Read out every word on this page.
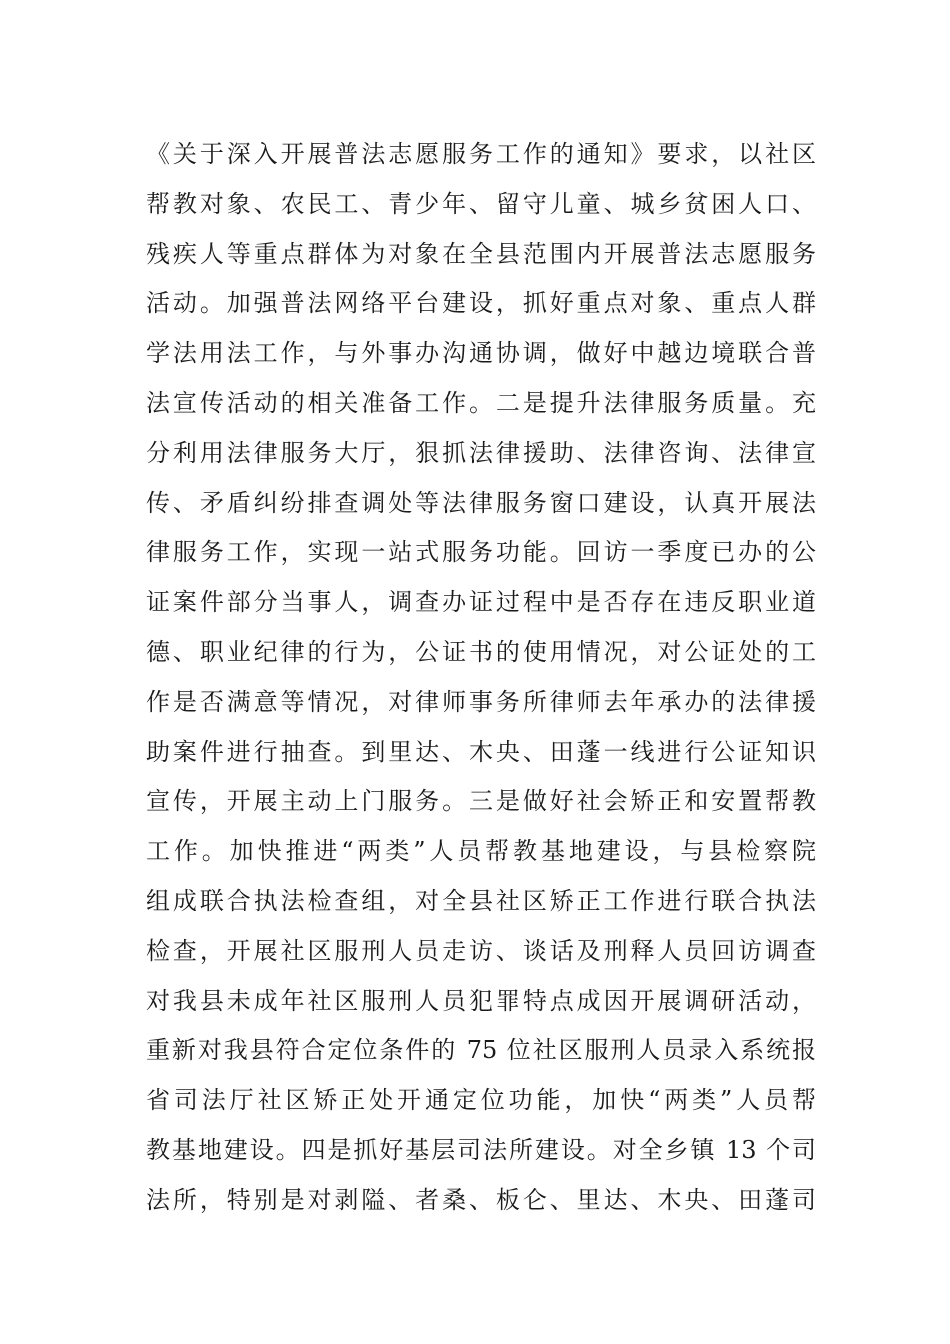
《关于深入开展普法志愿服务工作的通知》要求，以社区
帮教对象、农民工、青少年、留守儿童、城乡贫困人口、
残疾人等重点群体为对象在全县范围内开展普法志愿服务
活动。加强普法网络平台建设，抓好重点对象、重点人群
学法用法工作，与外事办沟通协调，做好中越边境联合普
法宣传活动的相关准备工作。二是提升法律服务质量。充
分利用法律服务大厅，狠抓法律援助、法律咨询、法律宣
传、矛盾纠纷排查调处等法律服务窗口建设，认真开展法
律服务工作，实现一站式服务功能。回访一季度已办的公
证案件部分当事人，调查办证过程中是否存在违反职业道
德、职业纪律的行为，公证书的使用情况，对公证处的工
作是否满意等情况，对律师事务所律师去年承办的法律援
助案件进行抽查。到里达、木央、田蓬一线进行公证知识
宣传，开展主动上门服务。三是做好社会矫正和安置帮教
工作。加快推进“两类”人员帮教基地建设，与县检察院
组成联合执法检查组，对全县社区矫正工作进行联合执法
检查，开展社区服刑人员走访、谈话及刑释人员回访调查
对我县未成年社区服刑人员犯罪特点成因开展调研活动，
重新对我县符合定位条件的 75 位社区服刑人员录入系统报
省司法厅社区矫正处开通定位功能，加快“两类”人员帮
教基地建设。四是抓好基层司法所建设。对全乡镇 13 个司
法所，特别是对剥隘、者桑、板仑、里达、木央、田蓬司
